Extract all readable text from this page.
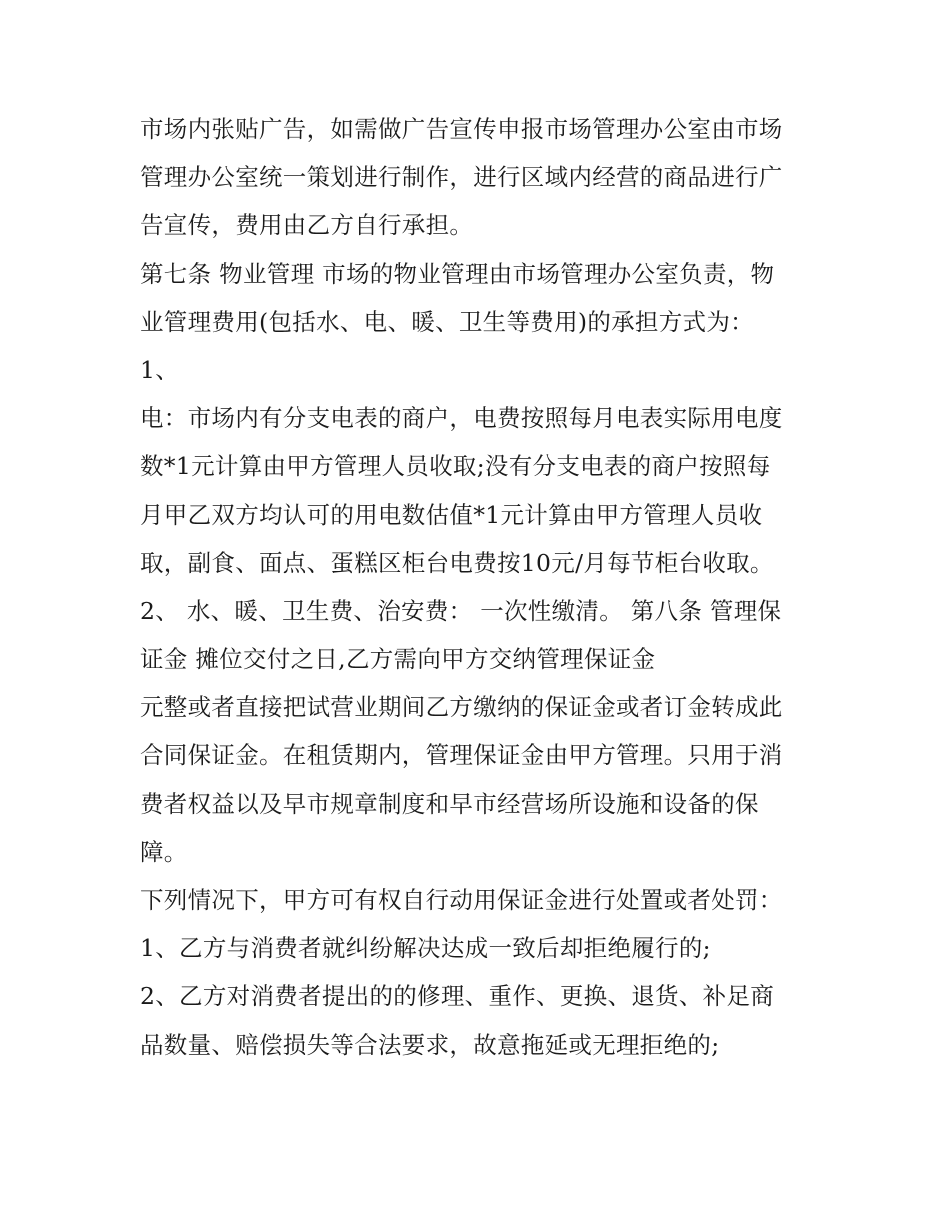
市场内张贴广告，如需做广告宣传申报市场管理办公室由市场
管理办公室统一策划进行制作，进行区域内经营的商品进行广
告宣传，费用由乙方自行承担。
第七条 物业管理 市场的物业管理由市场管理办公室负责，物
业管理费用(包括水、电、暖、卫生等费用)的承担方式为：
1、
电：市场内有分支电表的商户，电费按照每月电表实际用电度
数*1元计算由甲方管理人员收取;没有分支电表的商户按照每
月甲乙双方均认可的用电数估值*1元计算由甲方管理人员收
取，副食、面点、蛋糕区柜台电费按10元/月每节柜台收取。
2、 水、暖、卫生费、治安费： 一次性缴清。 第八条 管理保
证金 摊位交付之日,乙方需向甲方交纳管理保证金
元整或者直接把试营业期间乙方缴纳的保证金或者订金转成此
合同保证金。在租赁期内，管理保证金由甲方管理。只用于消
费者权益以及早市规章制度和早市经营场所设施和设备的保
障。
下列情况下，甲方可有权自行动用保证金进行处置或者处罚：
1、乙方与消费者就纠纷解决达成一致后却拒绝履行的;
2、乙方对消费者提出的的修理、重作、更换、退货、补足商
品数量、赔偿损失等合法要求，故意拖延或无理拒绝的;
